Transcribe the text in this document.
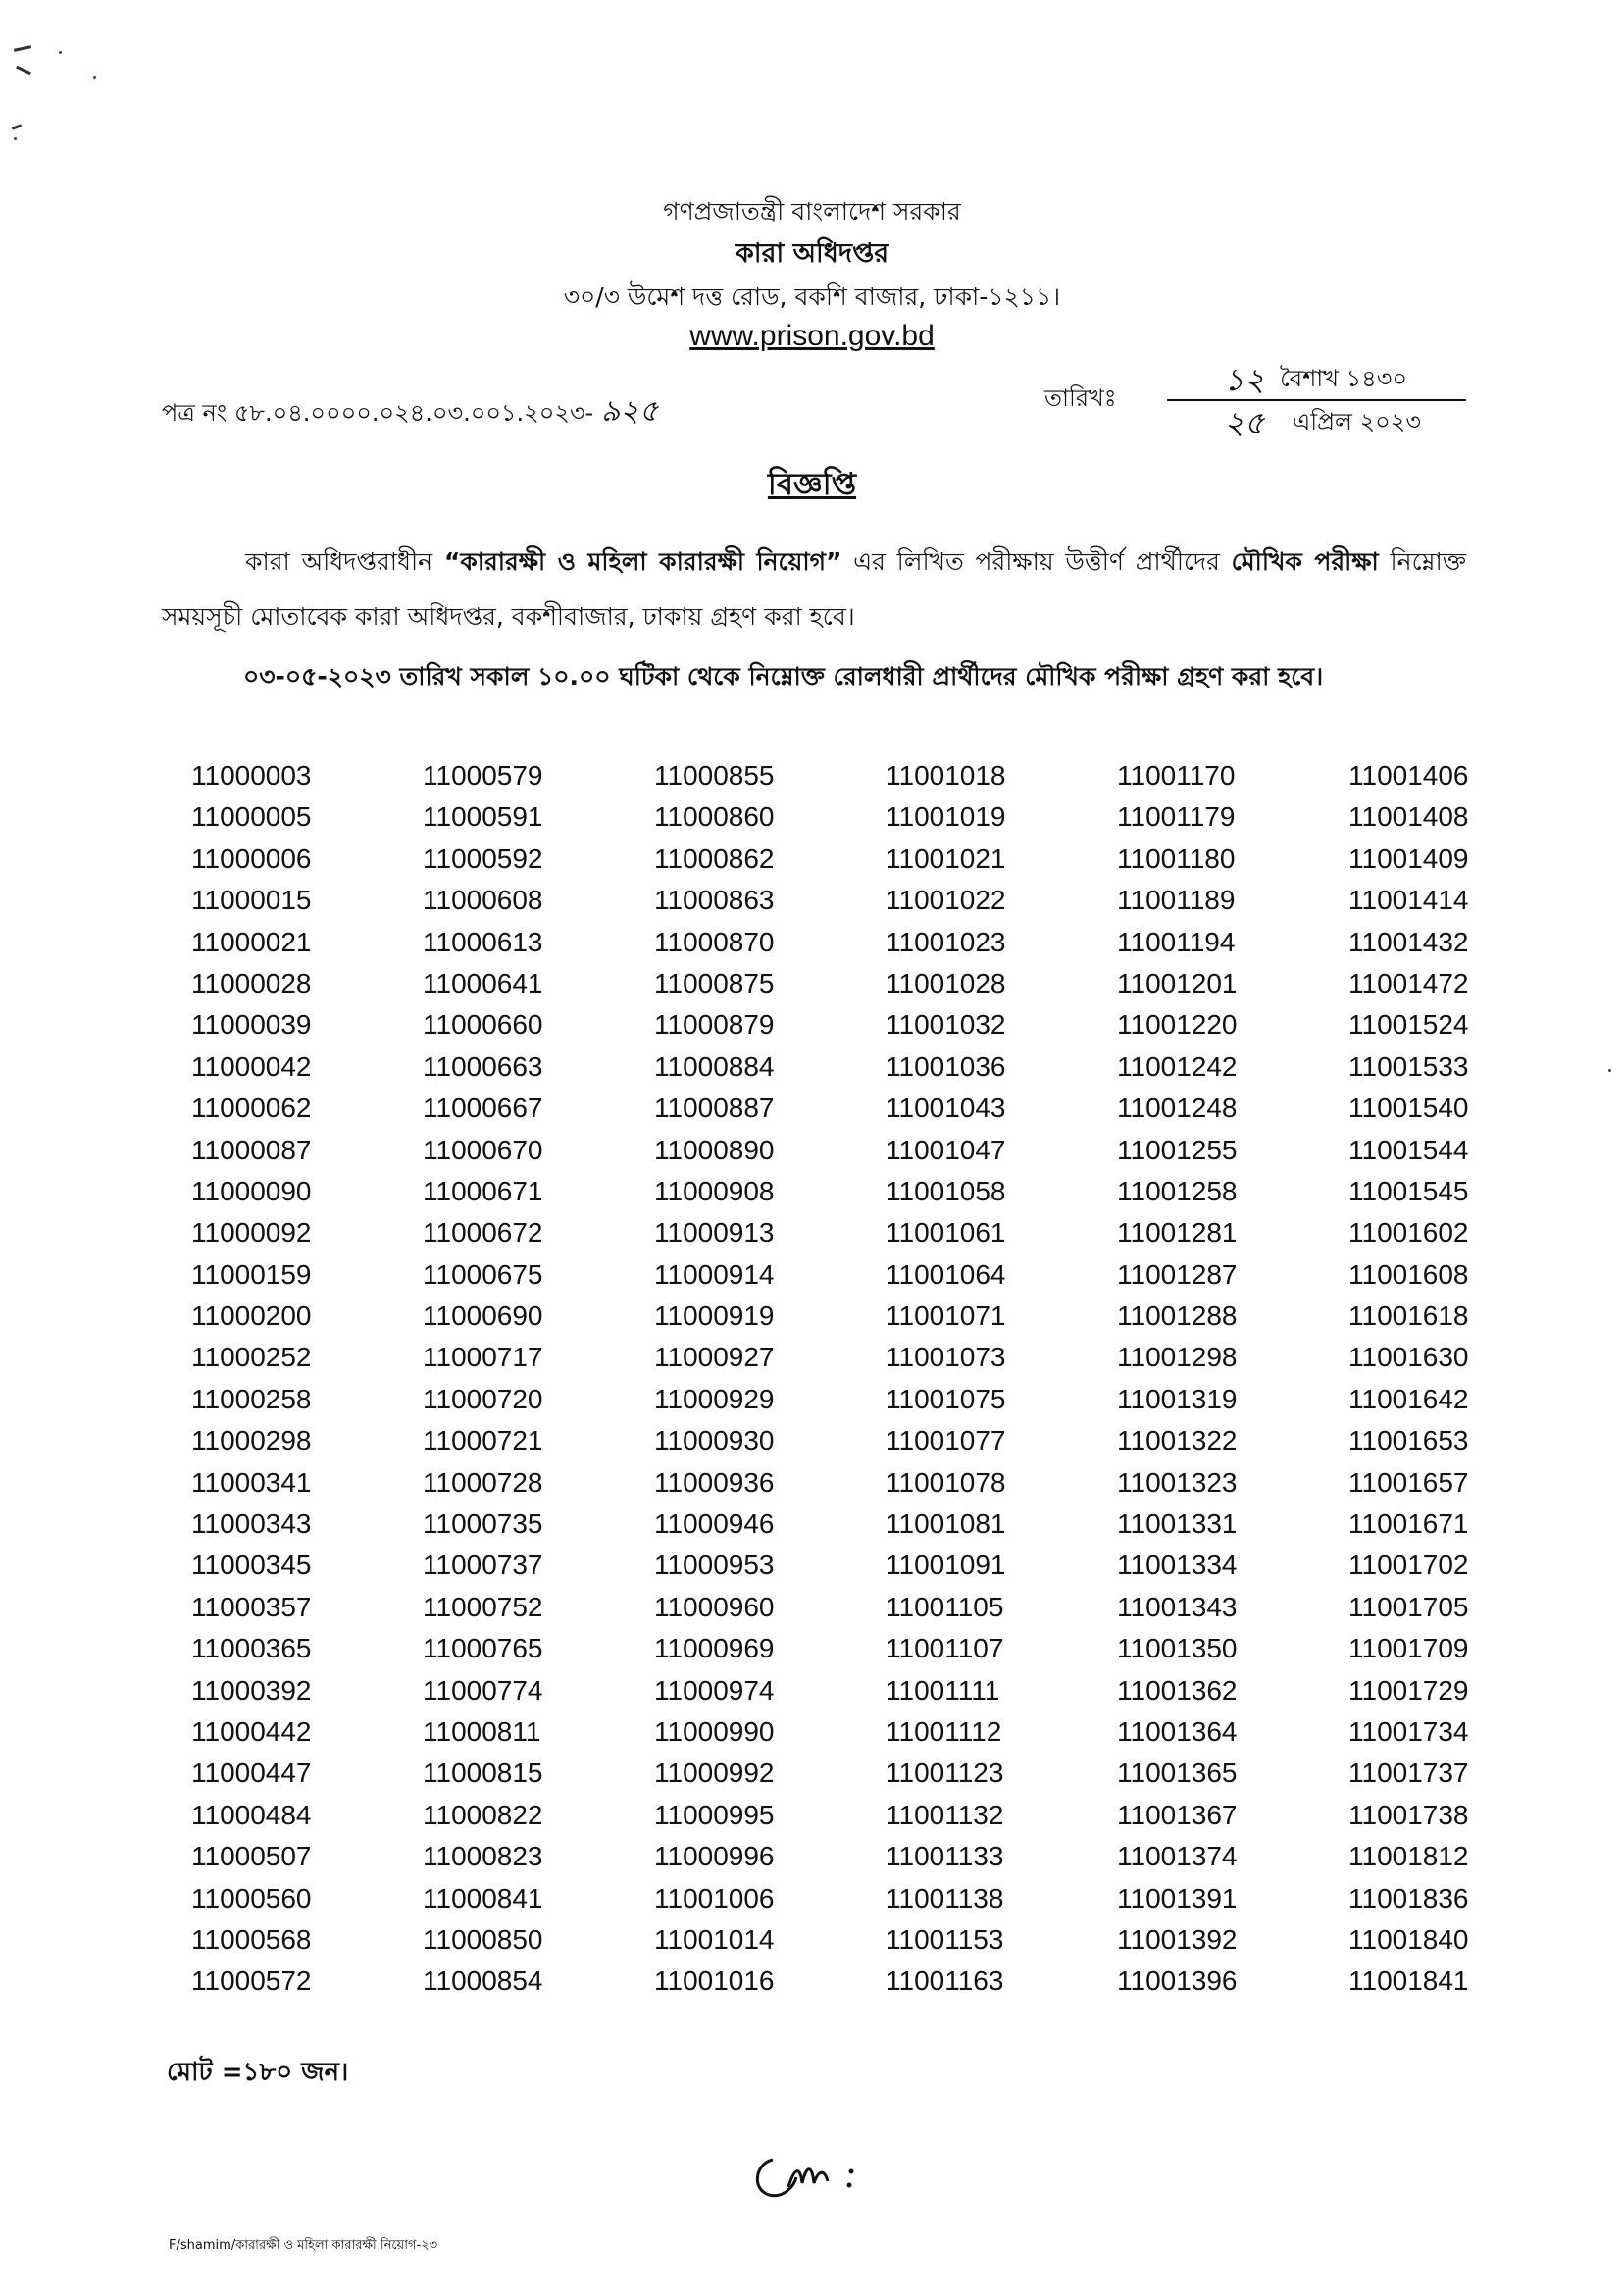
গণপ্রজাতন্ত্রী বাংলাদেশ সরকার
কারা অধিদপ্তর
৩০/৩ উমেশ দত্ত রোড, বকশি বাজার, ঢাকা-১২১১।
www.prison.gov.bd
পত্র নং ৫৮.০৪.০০০০.০২৪.০৩.০০১.২০২৩- ৯২৫	তারিখঃ	১২ বৈশাখ ১৪৩০
২৫ এপ্রিল ২০২৩
বিজ্ঞপ্তি
কারা অধিদপ্তরাধীন “কারারক্ষী ও মহিলা কারারক্ষী নিয়োগ” এর লিখিত পরীক্ষায় উত্তীর্ণ প্রার্থীদের মৌখিক পরীক্ষা নিম্নোক্ত সময়সূচী মোতাবেক কারা অধিদপ্তর, বকশীবাজার, ঢাকায় গ্রহণ করা হবে।
০৩-০৫-২০২৩ তারিখ সকাল ১০.০০ ঘটিকা থেকে নিম্নোক্ত রোলধারী প্রার্থীদের মৌখিক পরীক্ষা গ্রহণ করা হবে।
11000003
11000005
11000006
11000015
11000021
11000028
11000039
11000042
11000062
11000087
11000090
11000092
11000159
11000200
11000252
11000258
11000298
11000341
11000343
11000345
11000357
11000365
11000392
11000442
11000447
11000484
11000507
11000560
11000568
11000572
11000579
11000591
11000592
11000608
11000613
11000641
11000660
11000663
11000667
11000670
11000671
11000672
11000675
11000690
11000717
11000720
11000721
11000728
11000735
11000737
11000752
11000765
11000774
11000811
11000815
11000822
11000823
11000841
11000850
11000854
11000855
11000860
11000862
11000863
11000870
11000875
11000879
11000884
11000887
11000890
11000908
11000913
11000914
11000919
11000927
11000929
11000930
11000936
11000946
11000953
11000960
11000969
11000974
11000990
11000992
11000995
11000996
11001006
11001014
11001016
11001018
11001019
11001021
11001022
11001023
11001028
11001032
11001036
11001043
11001047
11001058
11001061
11001064
11001071
11001073
11001075
11001077
11001078
11001081
11001091
11001105
11001107
11001111
11001112
11001123
11001132
11001133
11001138
11001153
11001163
11001170
11001179
11001180
11001189
11001194
11001201
11001220
11001242
11001248
11001255
11001258
11001281
11001287
11001288
11001298
11001319
11001322
11001323
11001331
11001334
11001343
11001350
11001362
11001364
11001365
11001367
11001374
11001391
11001392
11001396
11001406
11001408
11001409
11001414
11001432
11001472
11001524
11001533
11001540
11001544
11001545
11001602
11001608
11001618
11001630
11001642
11001653
11001657
11001671
11001702
11001705
11001709
11001729
11001734
11001737
11001738
11001812
11001836
11001840
11001841
মোট =১৮০ জন।
F/shamim/কারারক্ষী ও মহিলা কারারক্ষী নিয়োগ-২৩
